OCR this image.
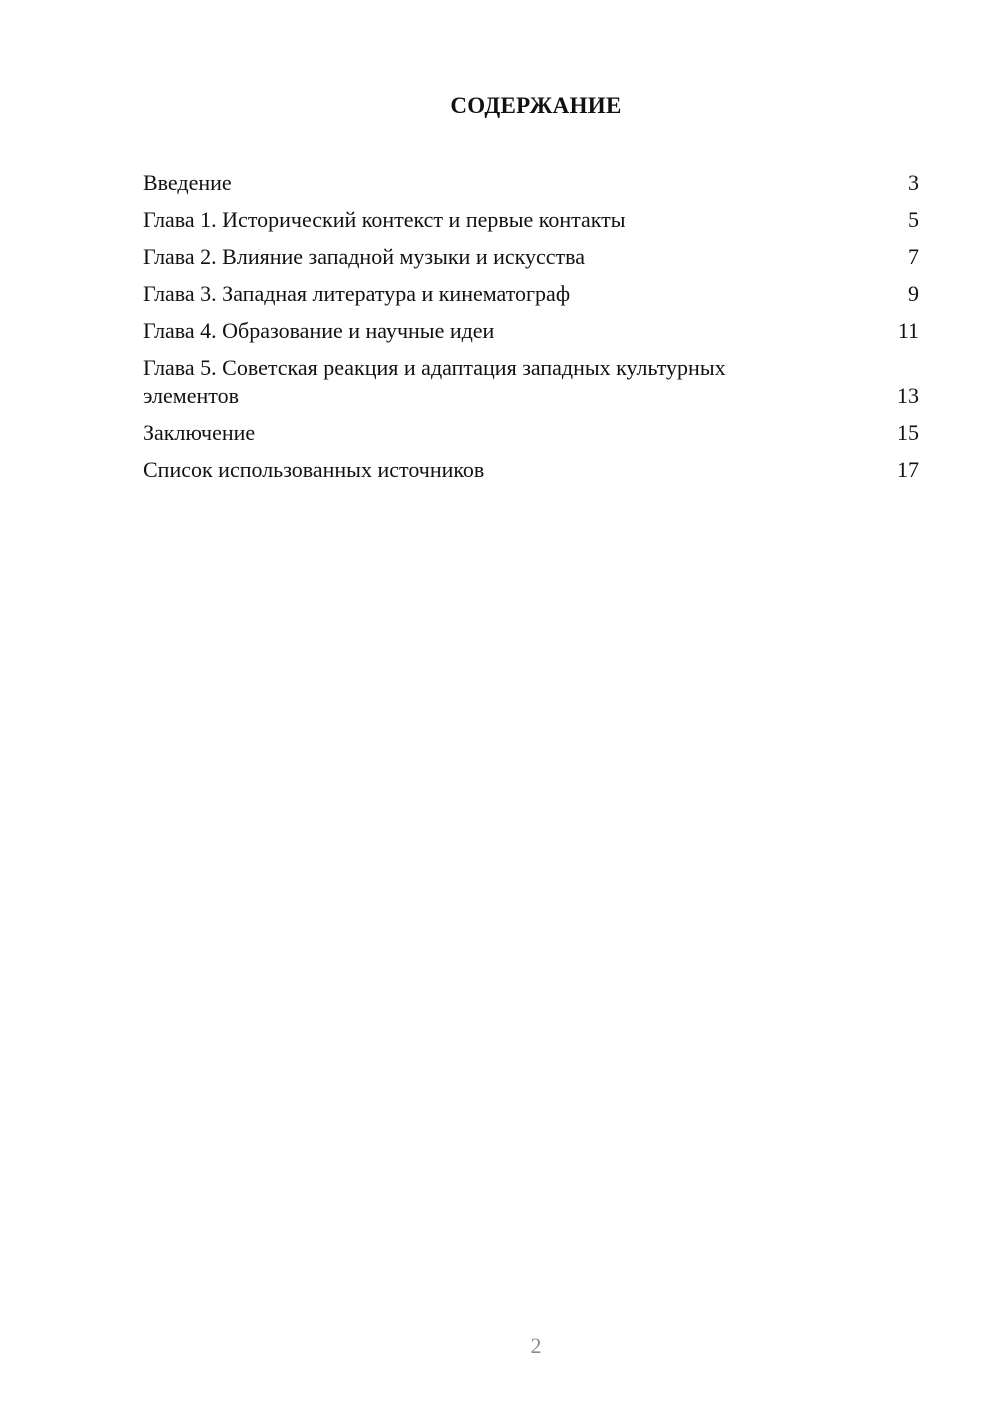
СОДЕРЖАНИЕ
Введение	3
Глава 1. Исторический контекст и первые контакты	5
Глава 2. Влияние западной музыки и искусства	7
Глава 3. Западная литература и кинематограф	9
Глава 4. Образование и научные идеи	11
Глава 5. Советская реакция и адаптация западных культурных элементов	13
Заключение	15
Список использованных источников	17
2
